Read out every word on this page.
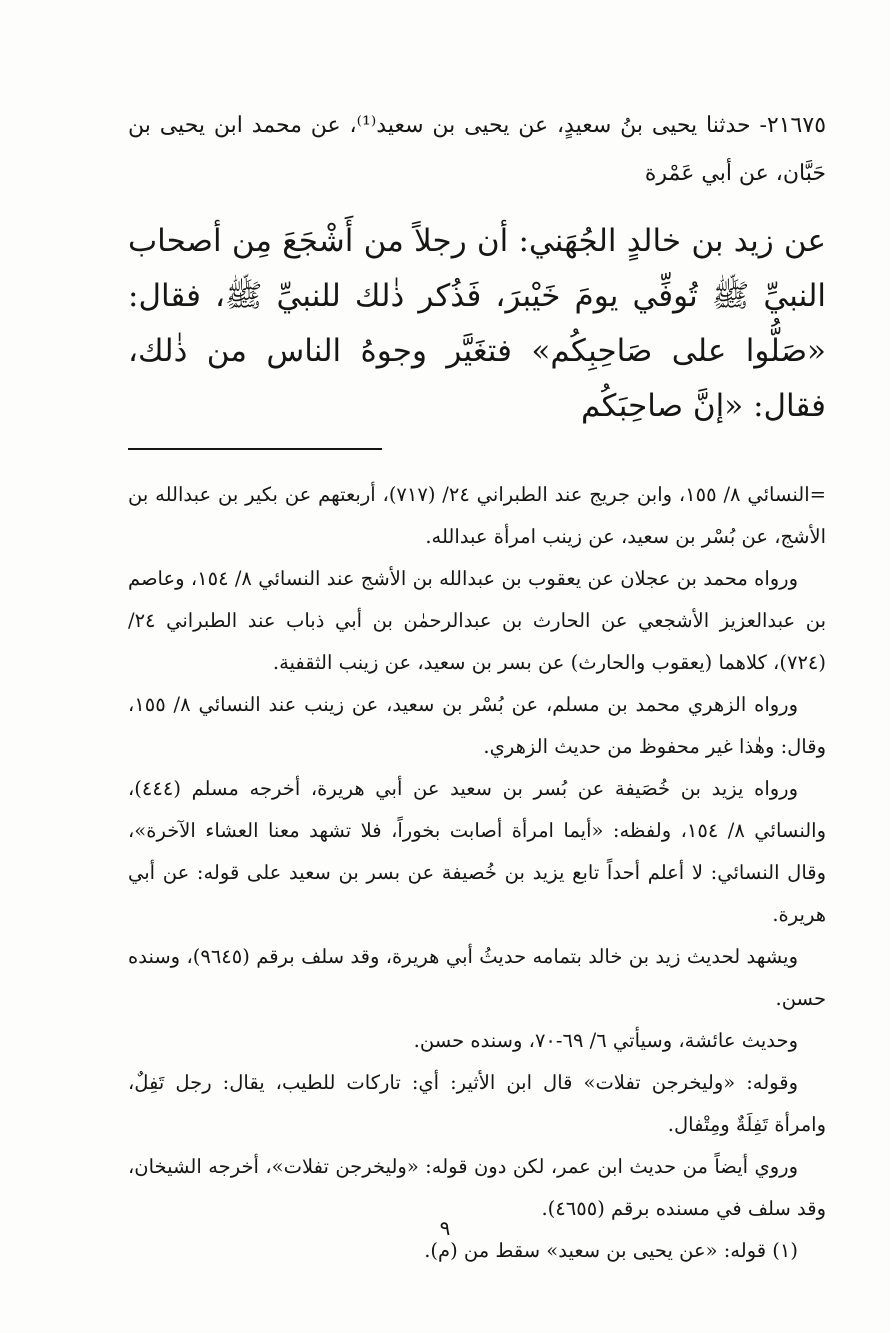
٢١٦٧٥- حدثنا يحيى بنُ سعيدٍ، عن يحيى بن سعيد⁽¹⁾، عن محمد ابن يحيى بن حَبَّان، عن أبي عَمْرة

عن زيد بن خالدٍ الجُهَني: أن رجلاً من أَشْجَعَ مِن أصحاب النبيِّ ﷺ تُوفِّي يومَ خَيْبرَ، فَذُكر ذٰلك للنبيِّ ﷺ، فقال: «صَلُّوا على صَاحِبِكُم» فتغَيَّر وجوهُ الناس من ذٰلك، فقال: «إنَّ صاحِبَكُم

=النسائي ٨/ ١٥٥، وابن جريج عند الطبراني ٢٤/ (٧١٧)، أربعتهم عن بكير بن عبدالله بن الأشج، عن بُسْر بن سعيد، عن زينب امرأة عبدالله.

ورواه محمد بن عجلان عن يعقوب بن عبدالله بن الأشج عند النسائي ٨/ ١٥٤، وعاصم بن عبدالعزيز الأشجعي عن الحارث بن عبدالرحمٰن بن أبي ذباب عند الطبراني ٢٤/ (٧٢٤)، كلاهما (يعقوب والحارث) عن بسر بن سعيد، عن زينب الثقفية.

ورواه الزهري محمد بن مسلم، عن بُسْر بن سعيد، عن زينب عند النسائي ٨/ ١٥٥، وقال: وهٰذا غير محفوظ من حديث الزهري.

ورواه يزيد بن خُصَيفة عن بُسر بن سعيد عن أبي هريرة، أخرجه مسلم (٤٤٤)، والنسائي ٨/ ١٥٤، ولفظه: «أيما امرأة أصابت بخوراً، فلا تشهد معنا العشاء الآخرة»، وقال النسائي: لا أعلم أحداً تابع يزيد بن خُصيفة عن بسر بن سعيد على قوله: عن أبي هريرة.

ويشهد لحديث زيد بن خالد بتمامه حديثُ أبي هريرة، وقد سلف برقم (٩٦٤٥)، وسنده حسن.

وحديث عائشة، وسيأتي ٦/ ٦٩-٧٠، وسنده حسن.

وقوله: «وليخرجن تفلات» قال ابن الأثير: أي: تاركات للطيب، يقال: رجل تَفِلٌ، وامرأة تَفِلَةٌ ومِتْفال.

وروي أيضاً من حديث ابن عمر، لكن دون قوله: «وليخرجن تفلات»، أخرجه الشيخان، وقد سلف في مسنده برقم (٤٦٥٥).

(١) قوله: «عن يحيى بن سعيد» سقط من (م).

٩
